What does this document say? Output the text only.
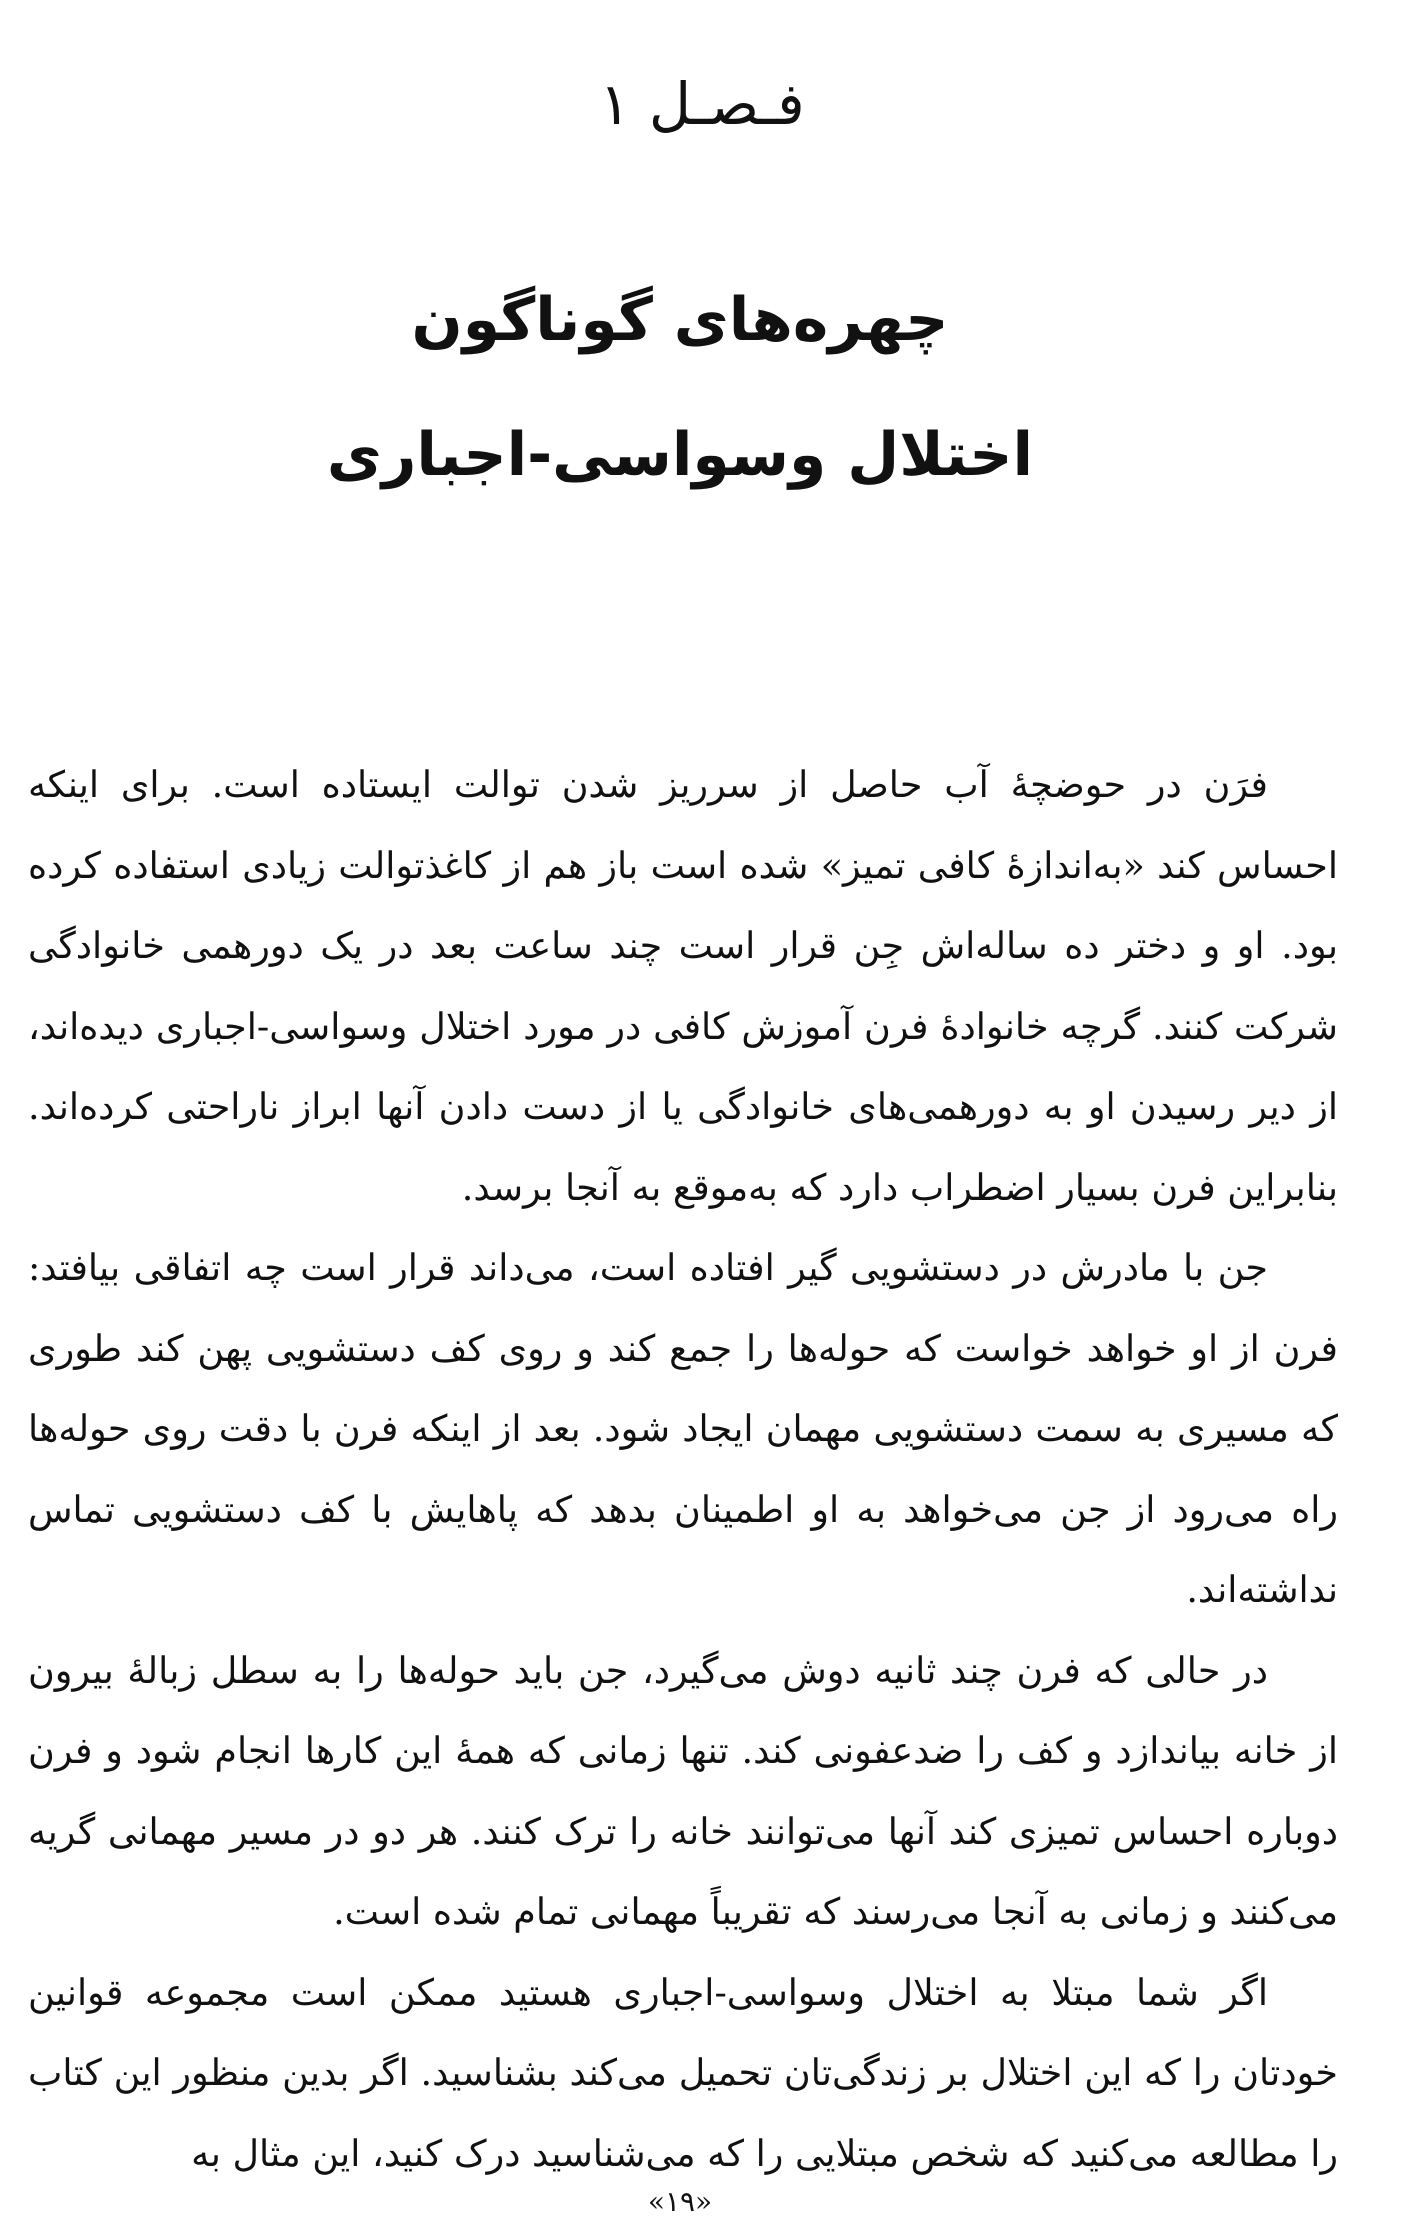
فـصـل ١
چهره‌های گوناگون
اختلال وسواسی-اجباری

فرَن در حوضچهٔ آب حاصل از سرریز شدن توالت ایستاده است. برای اینکه احساس کند «به‌اندازهٔ کافی تمیز» شده است باز هم از کاغذتوالت زیادی استفاده کرده بود. او و دختر ده ساله‌اش جِن قرار است چند ساعت بعد در یک دورهمی خانوادگی شرکت کنند. گرچه خانوادهٔ فرن آموزش کافی در مورد اختلال وسواسی-اجباری دیده‌اند، از دیر رسیدن او به دورهمی‌های خانوادگی یا از دست دادن آنها ابراز ناراحتی کرده‌اند. بنابراین فرن بسیار اضطراب دارد که به‌موقع به آنجا برسد.

جن با مادرش در دستشویی گیر افتاده است، می‌داند قرار است چه اتفاقی بیافتد: فرن از او خواهد خواست که حوله‌ها را جمع کند و روی کف دستشویی پهن کند طوری که مسیری به سمت دستشویی مهمان ایجاد شود. بعد از اینکه فرن با دقت روی حوله‌ها راه می‌رود از جن می‌خواهد به او اطمینان بدهد که پاهایش با کف دستشویی تماس نداشته‌اند.

در حالی که فرن چند ثانیه دوش می‌گیرد، جن باید حوله‌ها را به سطل زبالهٔ بیرون از خانه بیاندازد و کف را ضدعفونی کند. تنها زمانی که همهٔ این کارها انجام شود و فرن دوباره احساس تمیزی کند آنها می‌توانند خانه را ترک کنند. هر دو در مسیر مهمانی گریه می‌کنند و زمانی به آنجا می‌رسند که تقریباً مهمانی تمام شده است.

اگر شما مبتلا به اختلال وسواسی-اجباری هستید ممکن است مجموعه قوانین خودتان را که این اختلال بر زندگی‌تان تحمیل می‌کند بشناسید. اگر بدین منظور این کتاب را مطالعه می‌کنید که شخص مبتلایی را که می‌شناسید درک کنید، این مثال به

«١٩»
